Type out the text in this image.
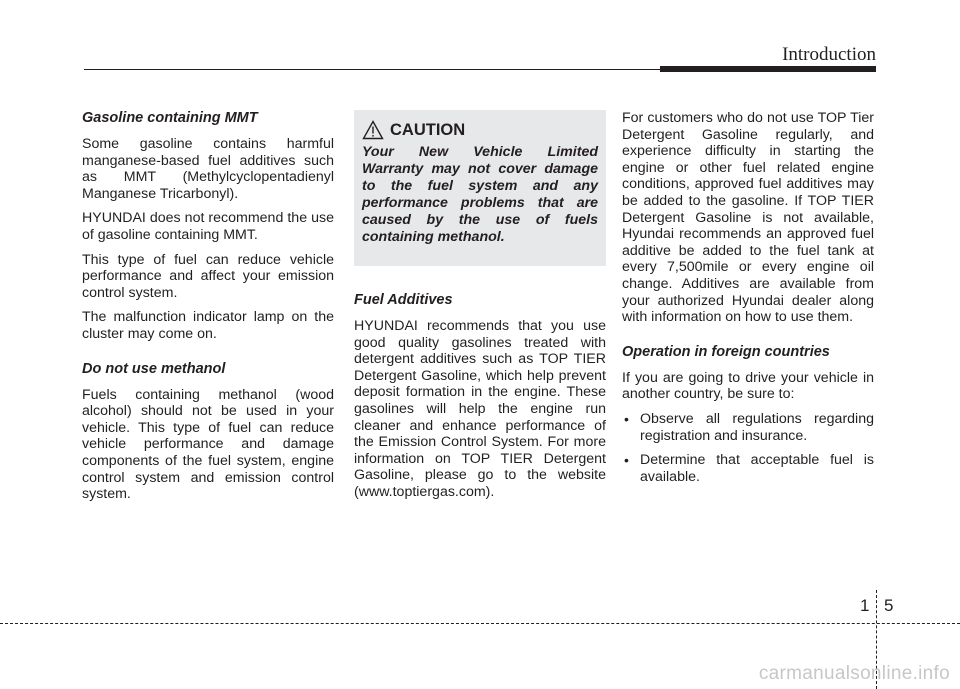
Introduction
Gasoline containing MMT

Some gasoline contains harmful manganese-based fuel additives such as MMT (Methylcyclopentadienyl Manganese Tricarbonyl).

HYUNDAI does not recommend the use of gasoline containing MMT.

This type of fuel can reduce vehicle performance and affect your emission control system.

The malfunction indicator lamp on the cluster may come on.

Do not use methanol

Fuels containing methanol (wood alcohol) should not be used in your vehicle. This type of fuel can reduce vehicle performance and damage components of the fuel system, engine control system and emission control system.

CAUTION

Your New Vehicle Limited Warranty may not cover damage to the fuel system and any performance problems that are caused by the use of fuels containing methanol.

Fuel Additives

HYUNDAI recommends that you use good quality gasolines treated with detergent additives such as TOP TIER Detergent Gasoline, which help prevent deposit formation in the engine. These gasolines will help the engine run cleaner and enhance performance of the Emission Control System. For more information on TOP TIER Detergent Gasoline, please go to the website (www.toptiergas.com).

For customers who do not use TOP Tier Detergent Gasoline regularly, and experience difficulty in starting the engine or other fuel related engine conditions, approved fuel additives may be added to the gasoline. If TOP TIER Detergent Gasoline is not available, Hyundai recommends an approved fuel additive be added to the fuel tank at every 7,500mile or every engine oil change. Additives are available from your authorized Hyundai dealer along with information on how to use them.

Operation in foreign countries

If you are going to drive your vehicle in another country, be sure to:

• Observe all regulations regarding registration and insurance.
• Determine that acceptable fuel is available.
1 5
carmanualsonline.info
